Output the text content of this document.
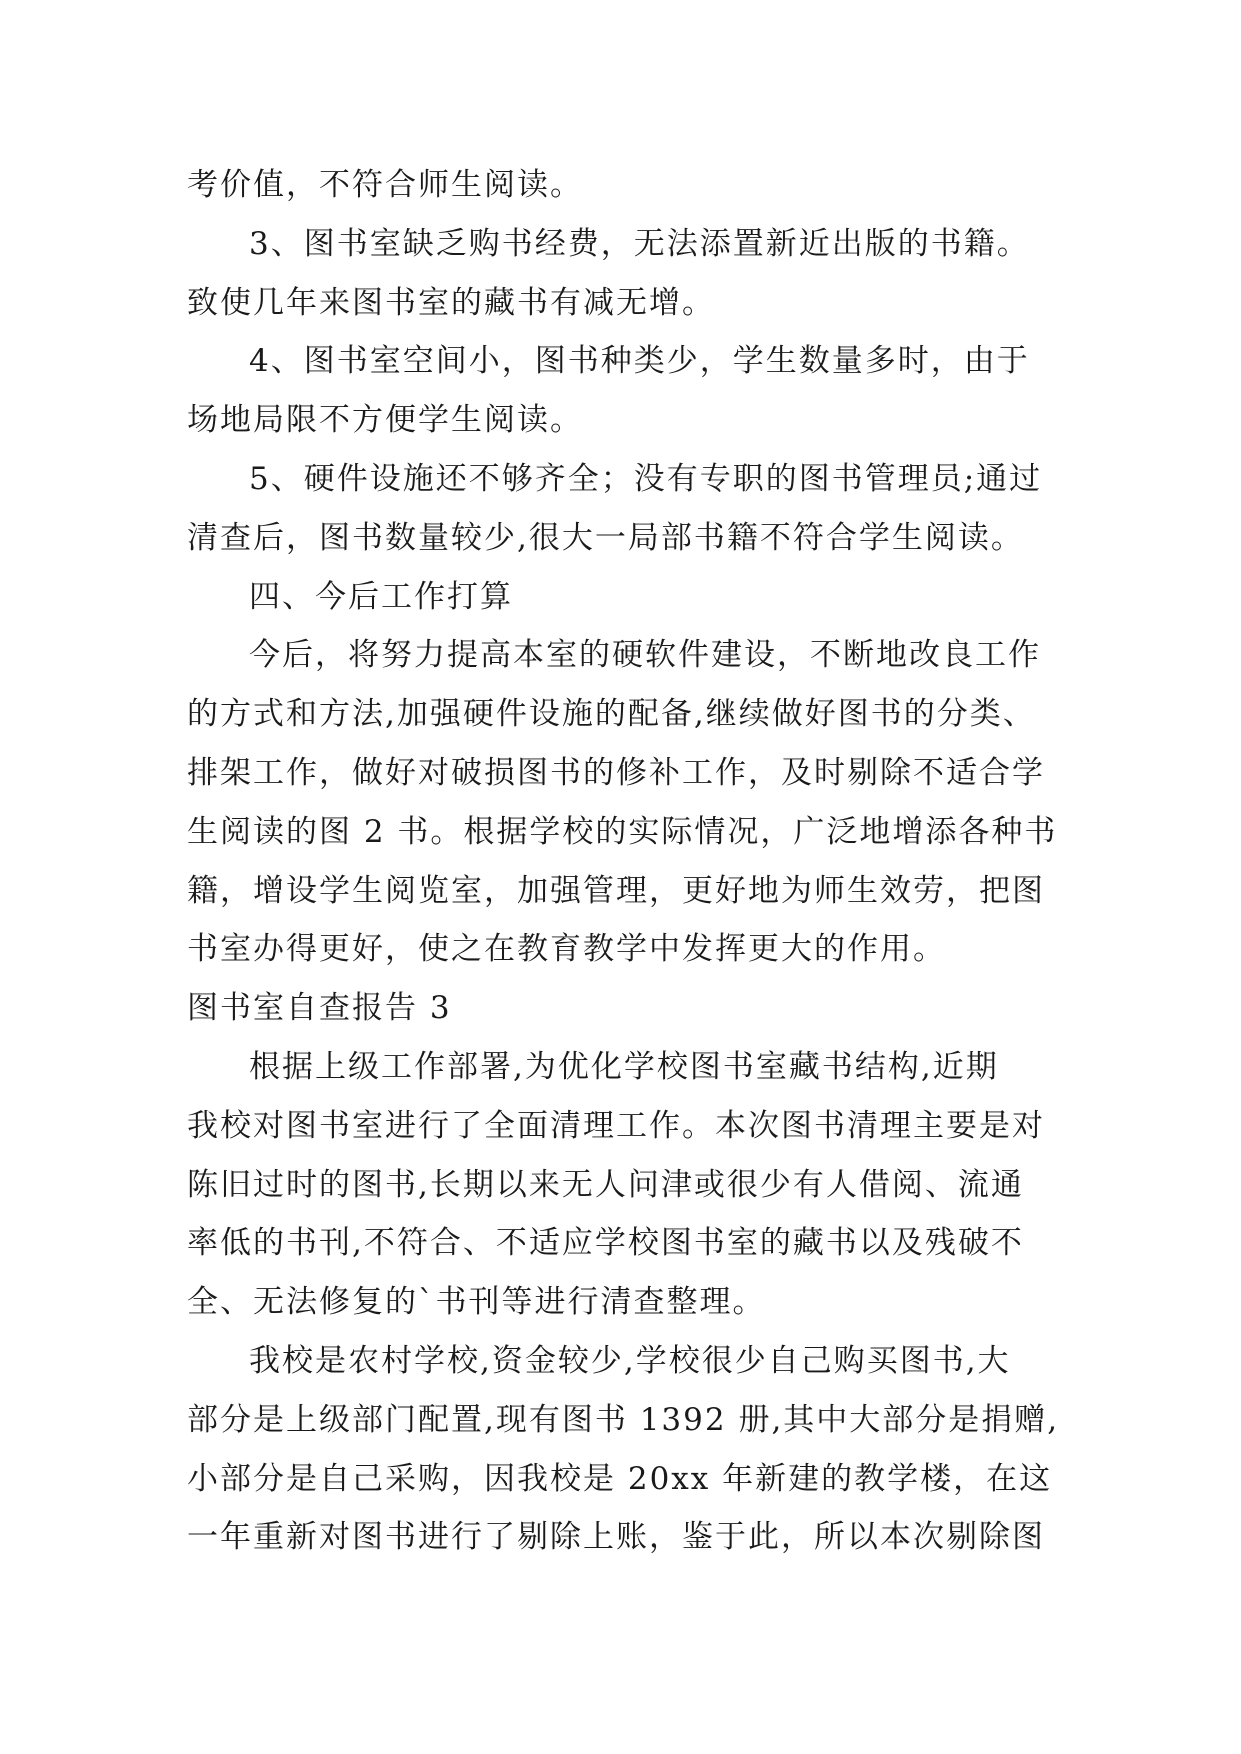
考价值，不符合师生阅读。
3、图书室缺乏购书经费，无法添置新近出版的书籍。
致使几年来图书室的藏书有减无增。
4、图书室空间小，图书种类少，学生数量多时，由于
场地局限不方便学生阅读。
5、硬件设施还不够齐全；没有专职的图书管理员;通过
清查后，图书数量较少,很大一局部书籍不符合学生阅读。
四、今后工作打算
今后，将努力提高本室的硬软件建设，不断地改良工作
的方式和方法,加强硬件设施的配备,继续做好图书的分类、
排架工作，做好对破损图书的修补工作，及时剔除不适合学
生阅读的图 2 书。根据学校的实际情况，广泛地增添各种书
籍，增设学生阅览室，加强管理，更好地为师生效劳，把图
书室办得更好，使之在教育教学中发挥更大的作用。
图书室自查报告 3
根据上级工作部署,为优化学校图书室藏书结构,近期
我校对图书室进行了全面清理工作。本次图书清理主要是对
陈旧过时的图书,长期以来无人问津或很少有人借阅、流通
率低的书刊,不符合、不适应学校图书室的藏书以及残破不
全、无法修复的`书刊等进行清查整理。
我校是农村学校,资金较少,学校很少自己购买图书,大
部分是上级部门配置,现有图书 1392 册,其中大部分是捐赠,
小部分是自己采购，因我校是 20xx 年新建的教学楼，在这
一年重新对图书进行了剔除上账，鉴于此，所以本次剔除图
